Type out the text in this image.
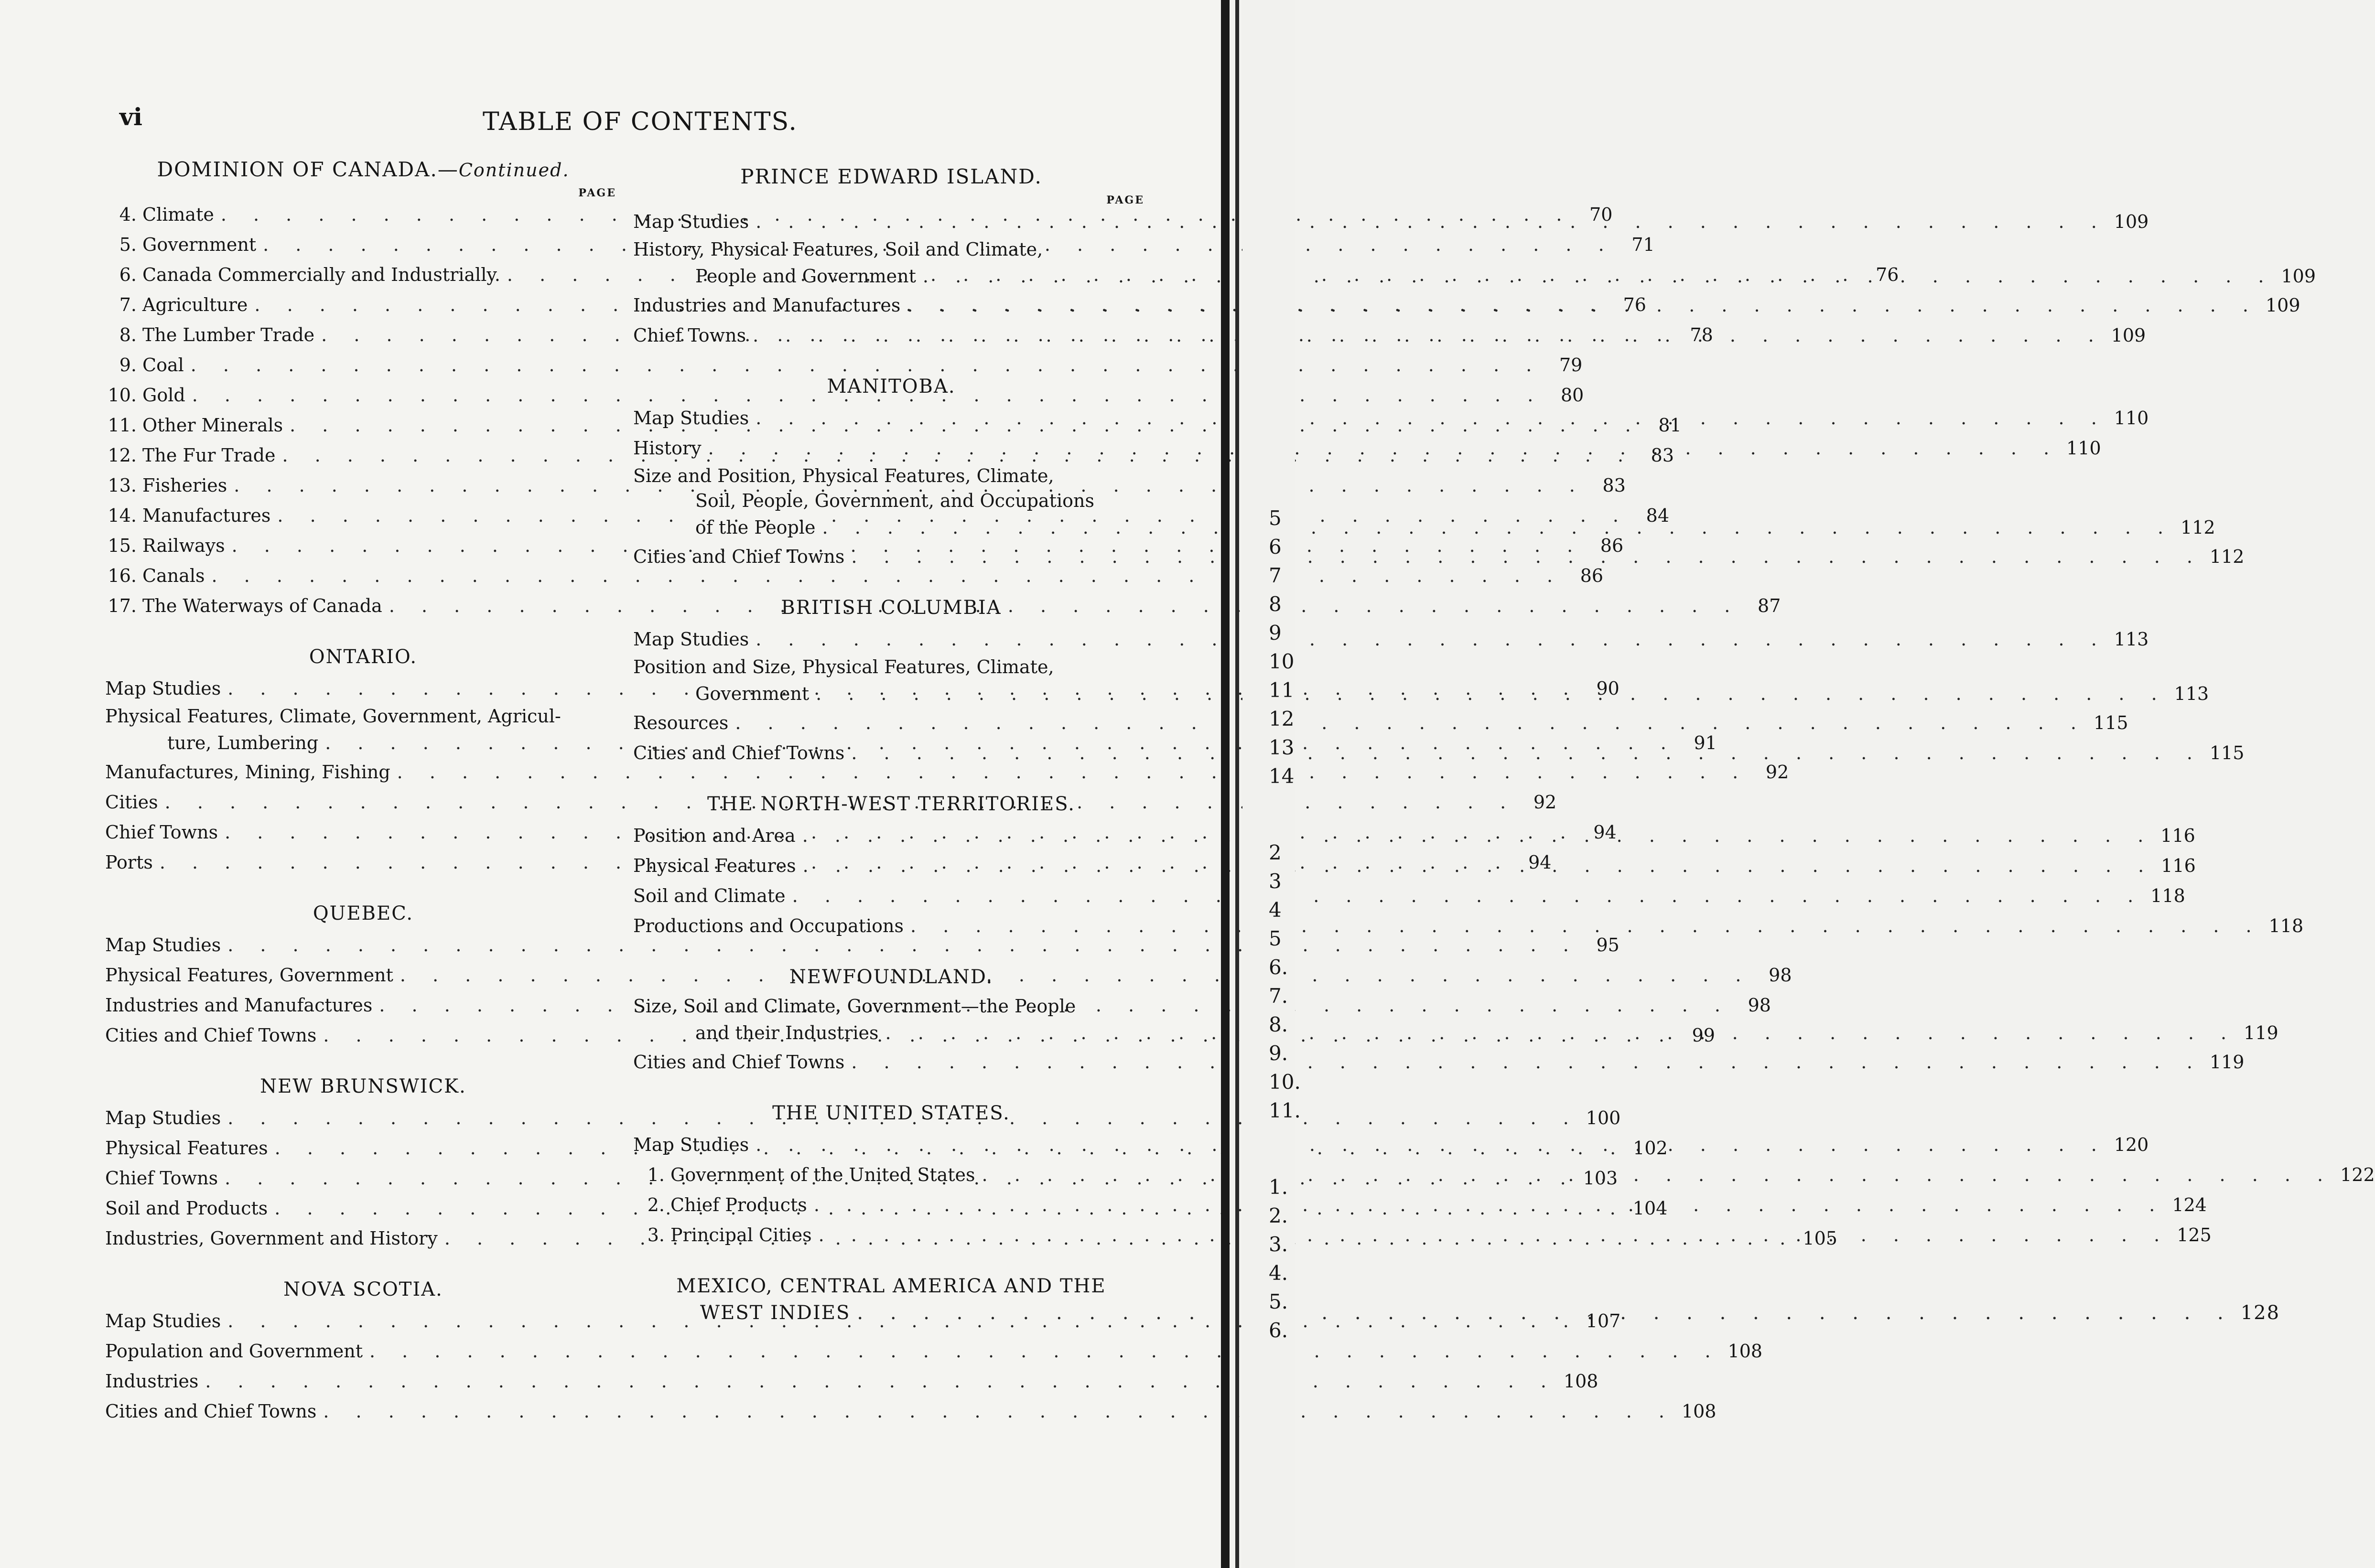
vi	TABLE OF CONTENTS.
DOMINION OF CANADA.—Continued.
PAGE
4. Climate . . .	70
5. Government . . .	71
6. Canada Commercially and Industrially. . . .	76
7. Agriculture . . .	76
8. The Lumber Trade . . .	78
9. Coal . . .	79
10. Gold . . .	80
11. Other Minerals . . .	81
12. The Fur Trade . . .	83
13. Fisheries . . .	83
14. Manufactures . . .	84
15. Railways . . .	86
16. Canals . . .	86
17. The Waterways of Canada . . .	87
ONTARIO.
Map Studies . . .	90
Physical Features, Climate, Government, Agricul-
ture, Lumbering . . .	91
Manufactures, Mining, Fishing . . .	92
Cities . . .	92
Chief Towns . . .	94
Ports . . .	94
QUEBEC.
Map Studies . . .	95
Physical Features, Government . . .	98
Industries and Manufactures . . .	98
Cities and Chief Towns . . .	99
NEW BRUNSWICK.
Map Studies . . .	100
Physical Features . . .	102
Chief Towns . . .	103
Soil and Products . . .	104
Industries, Government and History . . .	105
NOVA SCOTIA.
Map Studies . . .	107
Population and Government . . .	108
Industries . . .	108
Cities and Chief Towns . . .	108
PRINCE EDWARD ISLAND.
PAGE
Map Studies . . .	109
History, Physical Features, Soil and Climate,
People and Government . . .	109
Industries and Manufactures . . .	109
Chief Towns . . .	109
MANITOBA.
Map Studies . . .	110
History . . .	110
Size and Position, Physical Features, Climate,
Soil, People, Government, and Occupations
of the People . . .	112
Cities and Chief Towns . . .	112
BRITISH COLUMBIA
Map Studies . . .	113
Position and Size, Physical Features, Climate,
Government . . .	113
Resources . . .	115
Cities and Chief Towns . . .	115
THE NORTH-WEST TERRITORIES.
Position and Area . . .	116
Physical Features . . .	116
Soil and Climate . . .	118
Productions and Occupations . . .	118
NEWFOUNDLAND.
Size, Soil and Climate, Government—the People
and their Industries . . .	119
Cities and Chief Towns . . .	119
THE UNITED STATES.
Map Studies . . .	120
1. Government of the United States . . .	122
2. Chief Products . . .	124
3. Principal Cities . . .	125
MEXICO, CENTRAL AMERICA AND THE
WEST INDIES . . .	128
5
6
7
8
9
10
11
12
13
14
2
3
4
5
6.
7.
8.
9.
10.
11.
1.
2.
3.
4.
5.
6.
